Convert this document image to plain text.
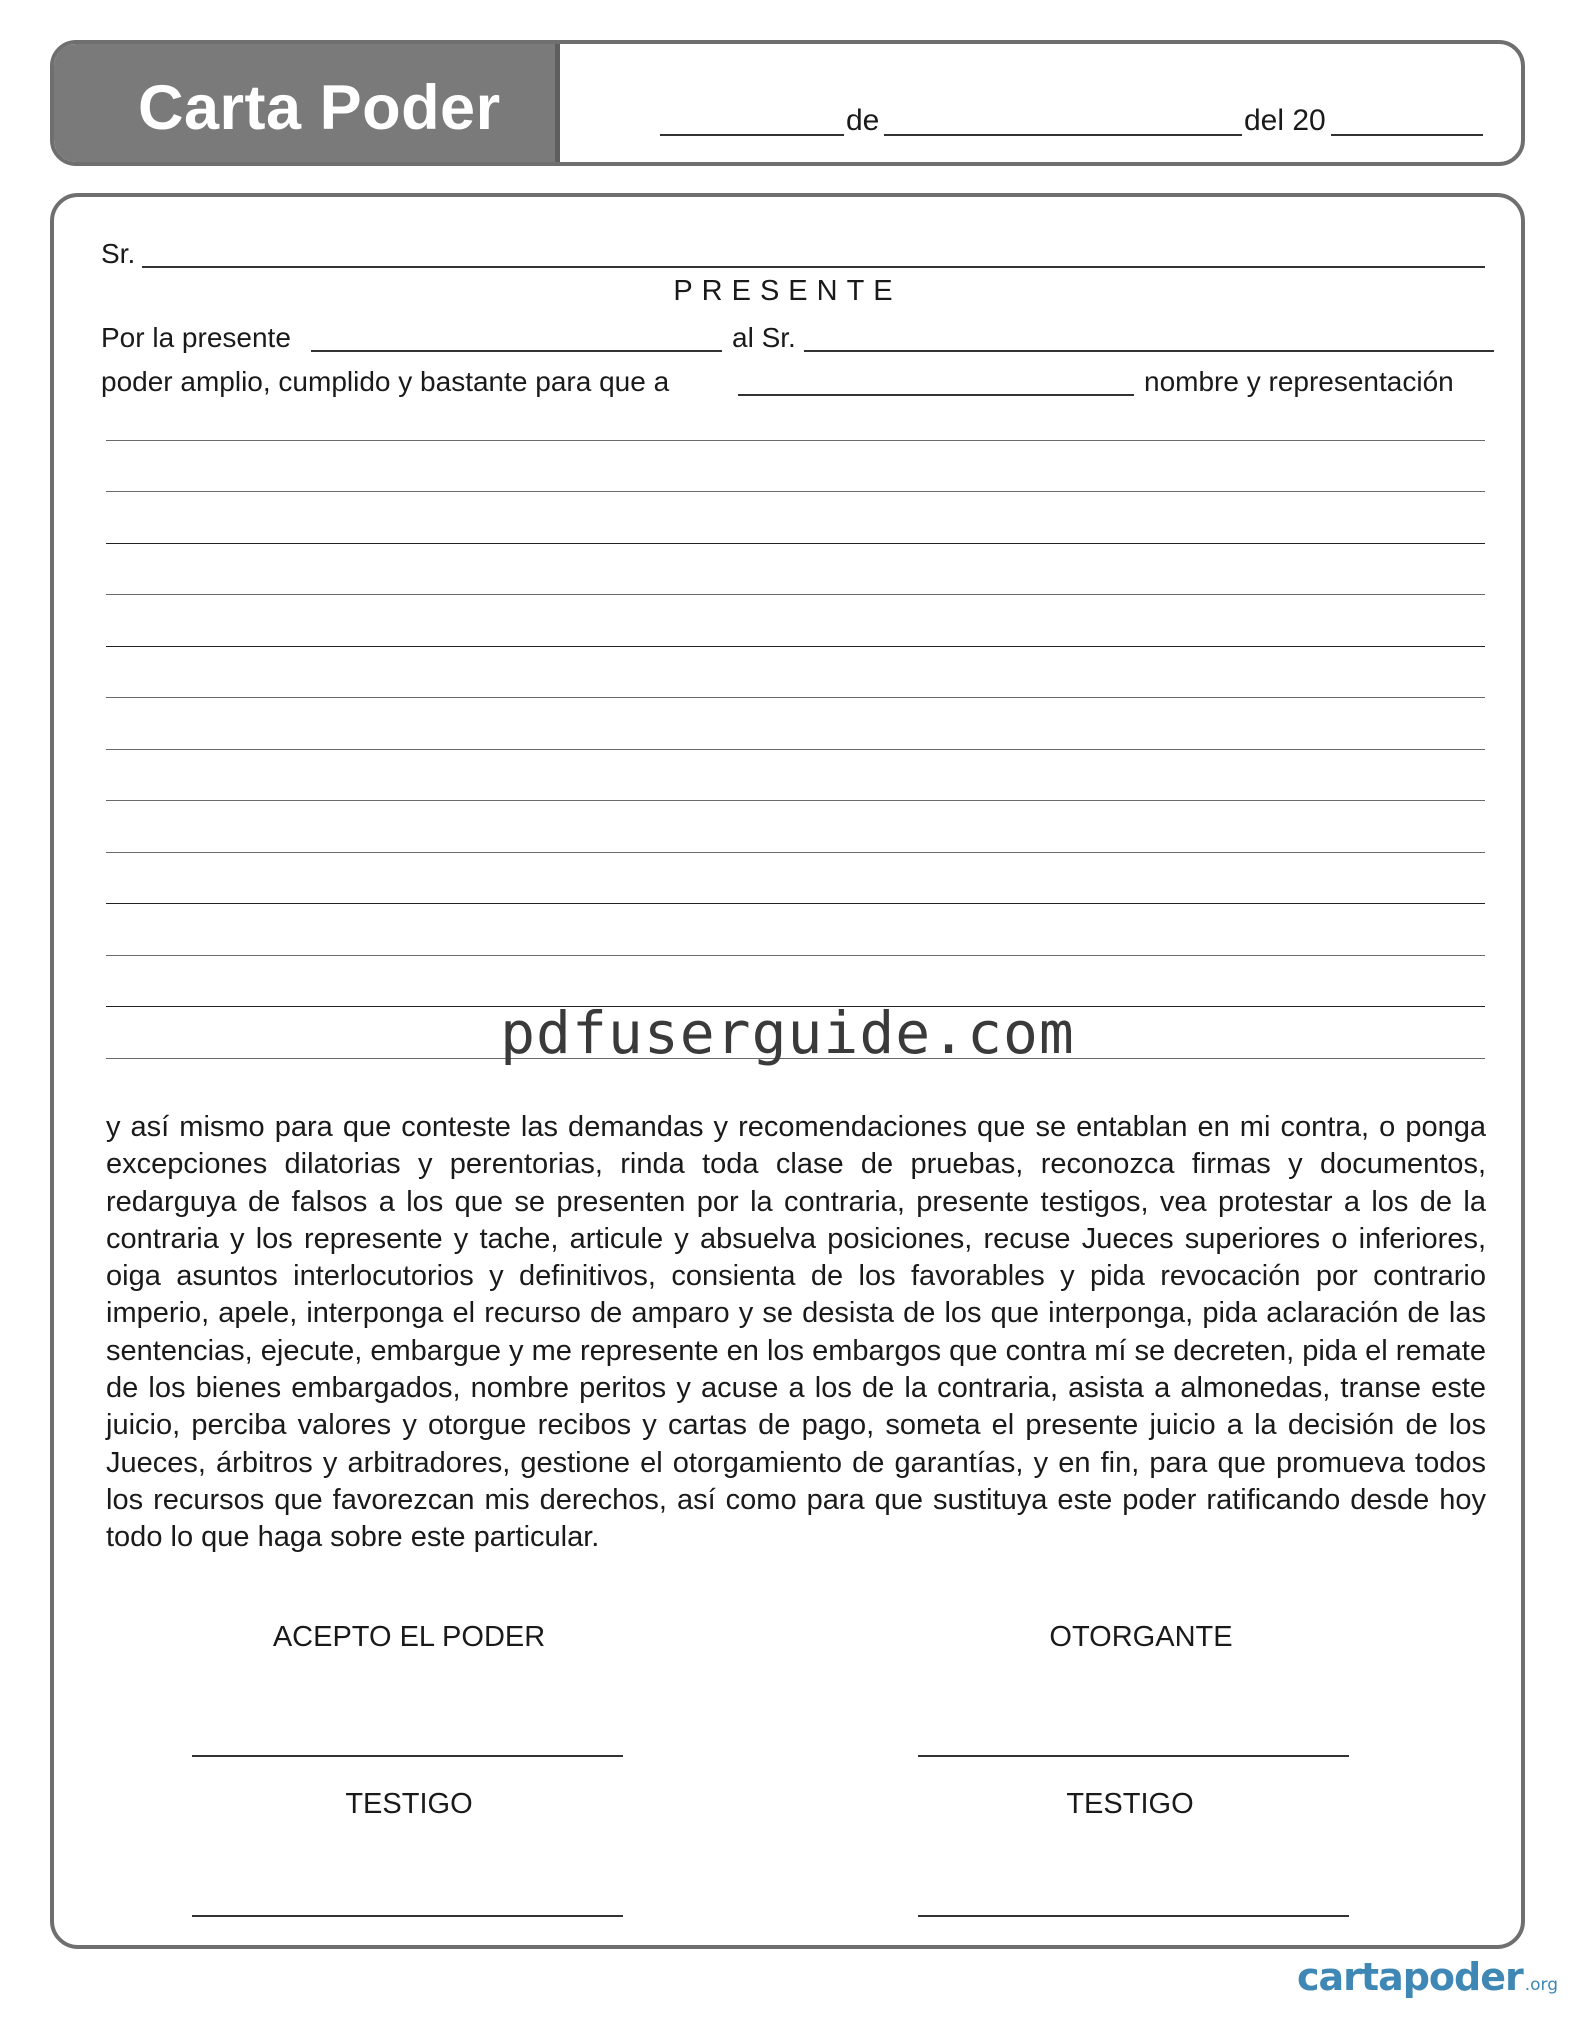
Carta Poder	de	del 20
Sr.
PRESENTE
Por la presente	al Sr.
poder amplio, cumplido y bastante para que a	nombre y representación
pdfuserguide.com
y así mismo para que conteste las demandas y recomendaciones que se entablan en mi contra, o ponga excepciones dilatorias y perentorias, rinda toda clase de pruebas, reconozca firmas y documentos, redarguya de falsos a los que se presenten por la contraria, presente testigos, vea protestar a los de la contraria y los represente y tache, articule y absuelva posiciones, recuse Jueces superiores o inferiores, oiga asuntos interlocutorios y definitivos, consienta de los favorables y pida revocación por contrario imperio, apele, interponga el recurso de amparo y se desista de los que interponga, pida aclaración de las sentencias, ejecute, embargue y me represente en los embargos que contra mí se decreten, pida el remate de los bienes embargados, nombre peritos y acuse a los de la contraria, asista a almonedas, transe este juicio, perciba valores y otorgue recibos y cartas de pago, someta el presente juicio a la decisión de los Jueces, árbitros y arbitradores, gestione el otorgamiento de garantías, y en fin, para que promueva todos los recursos que favorezcan mis derechos, así como para que sustituya este poder ratificando desde hoy todo lo que haga sobre este particular.
ACEPTO EL PODER	OTORGANTE
TESTIGO	TESTIGO
cartapoder .org
